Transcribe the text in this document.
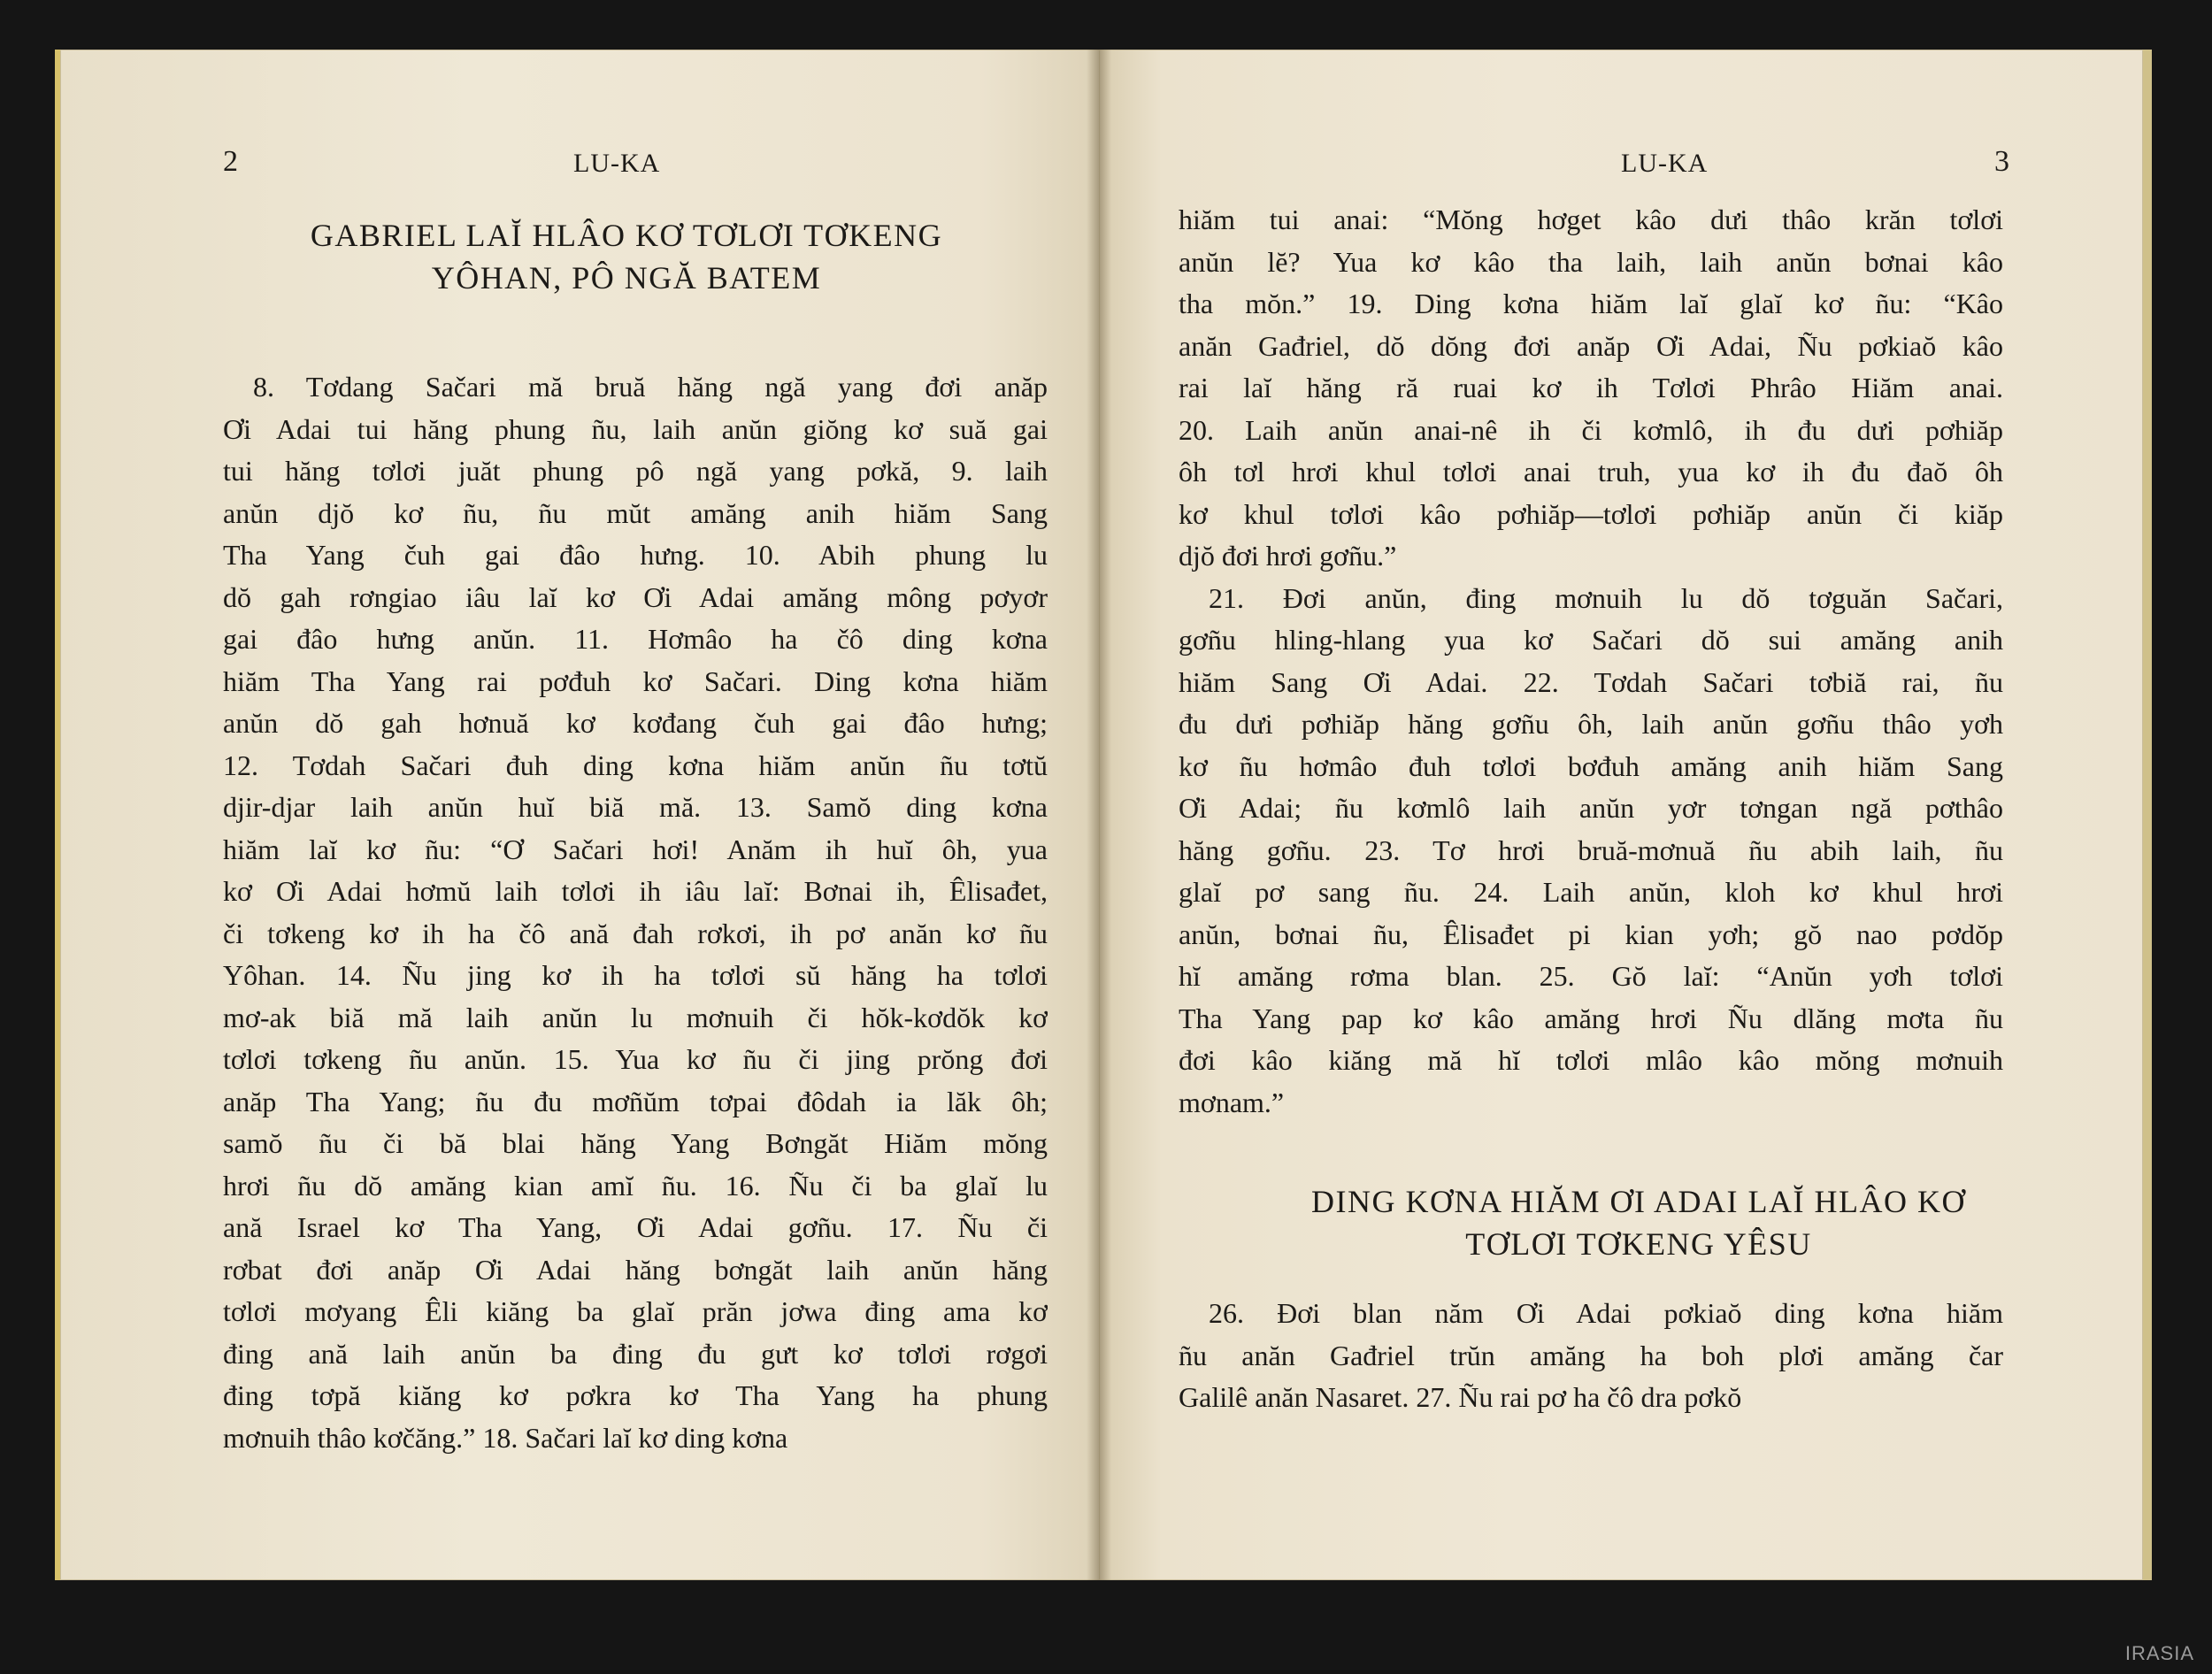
2	LU-KA
GABRIEL LAĬ HLÂO KƠ TƠLƠI TƠKENG
YÔHAN, PÔ NGĂ BATEM
8. Tơdang Sačari mă bruă hăng ngă yang đơi anăp
Ơi Adai tui hăng phung ñu, laih anŭn giŏng kơ suă gai
tui hăng tơlơi juăt phung pô ngă yang pơkă, 9. laih
anŭn djŏ kơ ñu, ñu mŭt amăng anih hiăm Sang
Tha Yang čuh gai đâo hưng. 10. Abih phung lu
dŏ gah rơngiao iâu laĭ kơ Ơi Adai amăng mông pơyơr
gai đâo hưng anŭn. 11. Hơmâo ha čô ding kơna
hiăm Tha Yang rai pơđuh kơ Sačari. Ding kơna hiăm
anŭn dŏ gah hơnuă kơ kơđang čuh gai đâo hưng;
12. Tơdah Sačari đuh ding kơna hiăm anŭn ñu tơtŭ
djir-djar laih anŭn huĭ biă mă. 13. Samŏ ding kơna
hiăm laĭ kơ ñu: “Ơ Sačari hơi! Anăm ih huĭ ôh, yua
kơ Ơi Adai hơmŭ laih tơlơi ih iâu laĭ: Bơnai ih, Êlisađet,
či tơkeng kơ ih ha čô ană đah rơkơi, ih pơ anăn kơ ñu
Yôhan. 14. Ñu jing kơ ih ha tơlơi sŭ hăng ha tơlơi
mơ-ak biă mă laih anŭn lu mơnuih či hŏk-kơdŏk kơ
tơlơi tơkeng ñu anŭn. 15. Yua kơ ñu či jing prŏng đơi
anăp Tha Yang; ñu đu mơñŭm tơpai đôdah ia lăk ôh;
samŏ ñu či bă blai hăng Yang Bơngăt Hiăm mŏng
hrơi ñu dŏ amăng kian amĭ ñu. 16. Ñu či ba glaĭ lu
ană Israel kơ Tha Yang, Ơi Adai gơñu. 17. Ñu či
rơbat đơi anăp Ơi Adai hăng bơngăt laih anŭn hăng
tơlơi mơyang Êli kiăng ba glaĭ prăn jơwa đing ama kơ
đing ană laih anŭn ba đing đu gưt kơ tơlơi rơgơi
đing tơpă kiăng kơ pơkra kơ Tha Yang ha phung
mơnuih thâo kơčăng.” 18. Sačari laĭ kơ ding kơna
LU-KA	3
hiăm tui anai: “Mŏng hơget kâo dưi thâo krăn tơlơi
anŭn lĕ? Yua kơ kâo tha laih, laih anŭn bơnai kâo
tha mŏn.” 19. Ding kơna hiăm laĭ glaĭ kơ ñu: “Kâo
anăn Gađriel, dŏ dŏng đơi anăp Ơi Adai, Ñu pơkiaŏ kâo
rai laĭ hăng ră ruai kơ ih Tơlơi Phrâo Hiăm anai.
20. Laih anŭn anai-nê ih či kơmlô, ih đu dưi pơhiăp
ôh tơl hrơi khul tơlơi anai truh, yua kơ ih đu đaŏ ôh
kơ khul tơlơi kâo pơhiăp—tơlơi pơhiăp anŭn či kiăp
djŏ đơi hrơi gơñu.”
21. Đơi anŭn, đing mơnuih lu dŏ tơguăn Sačari,
gơñu hling-hlang yua kơ Sačari dŏ sui amăng anih
hiăm Sang Ơi Adai. 22. Tơdah Sačari tơbiă rai, ñu
đu dưi pơhiăp hăng gơñu ôh, laih anŭn gơñu thâo yơh
kơ ñu hơmâo đuh tơlơi bơđuh amăng anih hiăm Sang
Ơi Adai; ñu kơmlô laih anŭn yơr tơngan ngă pơthâo
hăng gơñu. 23. Tơ hrơi bruă-mơnuă ñu abih laih, ñu
glaĭ pơ sang ñu. 24. Laih anŭn, kloh kơ khul hrơi
anŭn, bơnai ñu, Êlisađet pi kian yơh; gŏ nao pơdŏp
hĭ amăng rơma blan. 25. Gŏ laĭ: “Anŭn yơh tơlơi
Tha Yang pap kơ kâo amăng hrơi Ñu dlăng mơta ñu
đơi kâo kiăng mă hĭ tơlơi mlâo kâo mŏng mơnuih
mơnam.”
DING KƠNA HIĂM ƠI ADAI LAĬ HLÂO KƠ
TƠLƠI TƠKENG YÊSU
26. Đơi blan năm Ơi Adai pơkiaŏ ding kơna hiăm
ñu anăn Gađriel trŭn amăng ha boh plơi amăng čar
Galilê anăn Nasaret. 27. Ñu rai pơ ha čô dra pơkŏ
IRASIA
